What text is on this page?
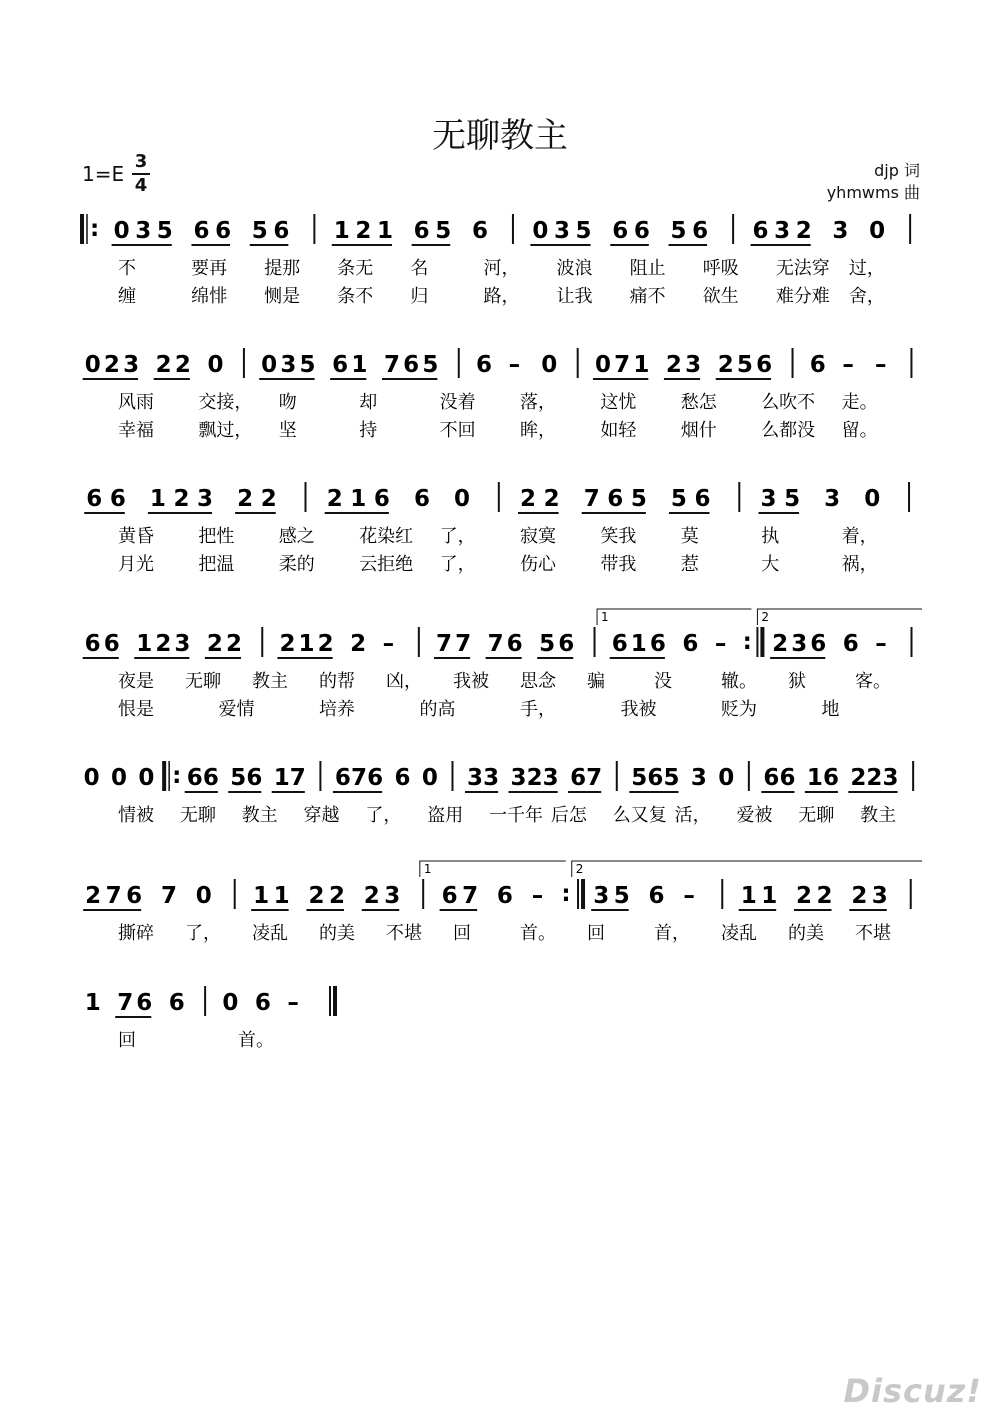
无聊教主
1=E
3
4
djp 词
yhmwms 曲
: 0 3 5 6 6 5 6 1 2 1 6 5 6 0 3 5 6 6 5 6 6 3 2 3 0
不	要再 提那 条无 名	河， 波浪 阻止 呼吸 无法穿 过，
缠	绵悱 恻是 条不 归	路， 让我 痛不 欲生 难分难 舍，
0 2 3 2 2 0 0 3 5 6 1 7 6 5 6 – 0 0 7 1 2 3 2 5 6 6 – –
风雨 交接， 吻	却	没着 落， 这忧 愁怎 么吹不 走。
幸福 飘过， 坚	持	不回 眸， 如轻 烟什 么都没 留。
6 6 1 2 3 2 2 2 1 6 6 0 2 2 7 6 5 5 6 3 5 3 0
黄昏 把性 感之 花染红 了， 寂寞 笑我 莫	执	着，
月光 把温 柔的 云拒绝 了， 伤心 带我 惹	大	祸，
6 6 1 2 3 2 2 2 1 2 2 – 7 7 7 6 5 6 6 1 6 6 – : 2 3 6 6 –
1	2
夜是 无聊 教主 的帮 凶， 我被 思念 骗	没	辙。 狱	客。
恨是	爱情	培养	的高	手，	我被	贬为	地
0 0 0 : 6 6 5 6 1 7 6 7 6 6 0 3 3 3 2 3 6 7 5 6 5 3 0 6 6 1 6 2 2 3
情被 无聊 教主 穿越 了， 盗用 一千年 后怎 么又复 活， 爱被 无聊 教主
2 7 6 7 0 1 1 2 2 2 3 6 7 6 – : 3 5 6 – 1 1 2 2 2 3
1	2
撕碎 了， 凌乱 的美 不堪 回	首。 回	首， 凌乱 的美 不堪
1 7 6 6 0 6 –
回	首。
Discuz!
